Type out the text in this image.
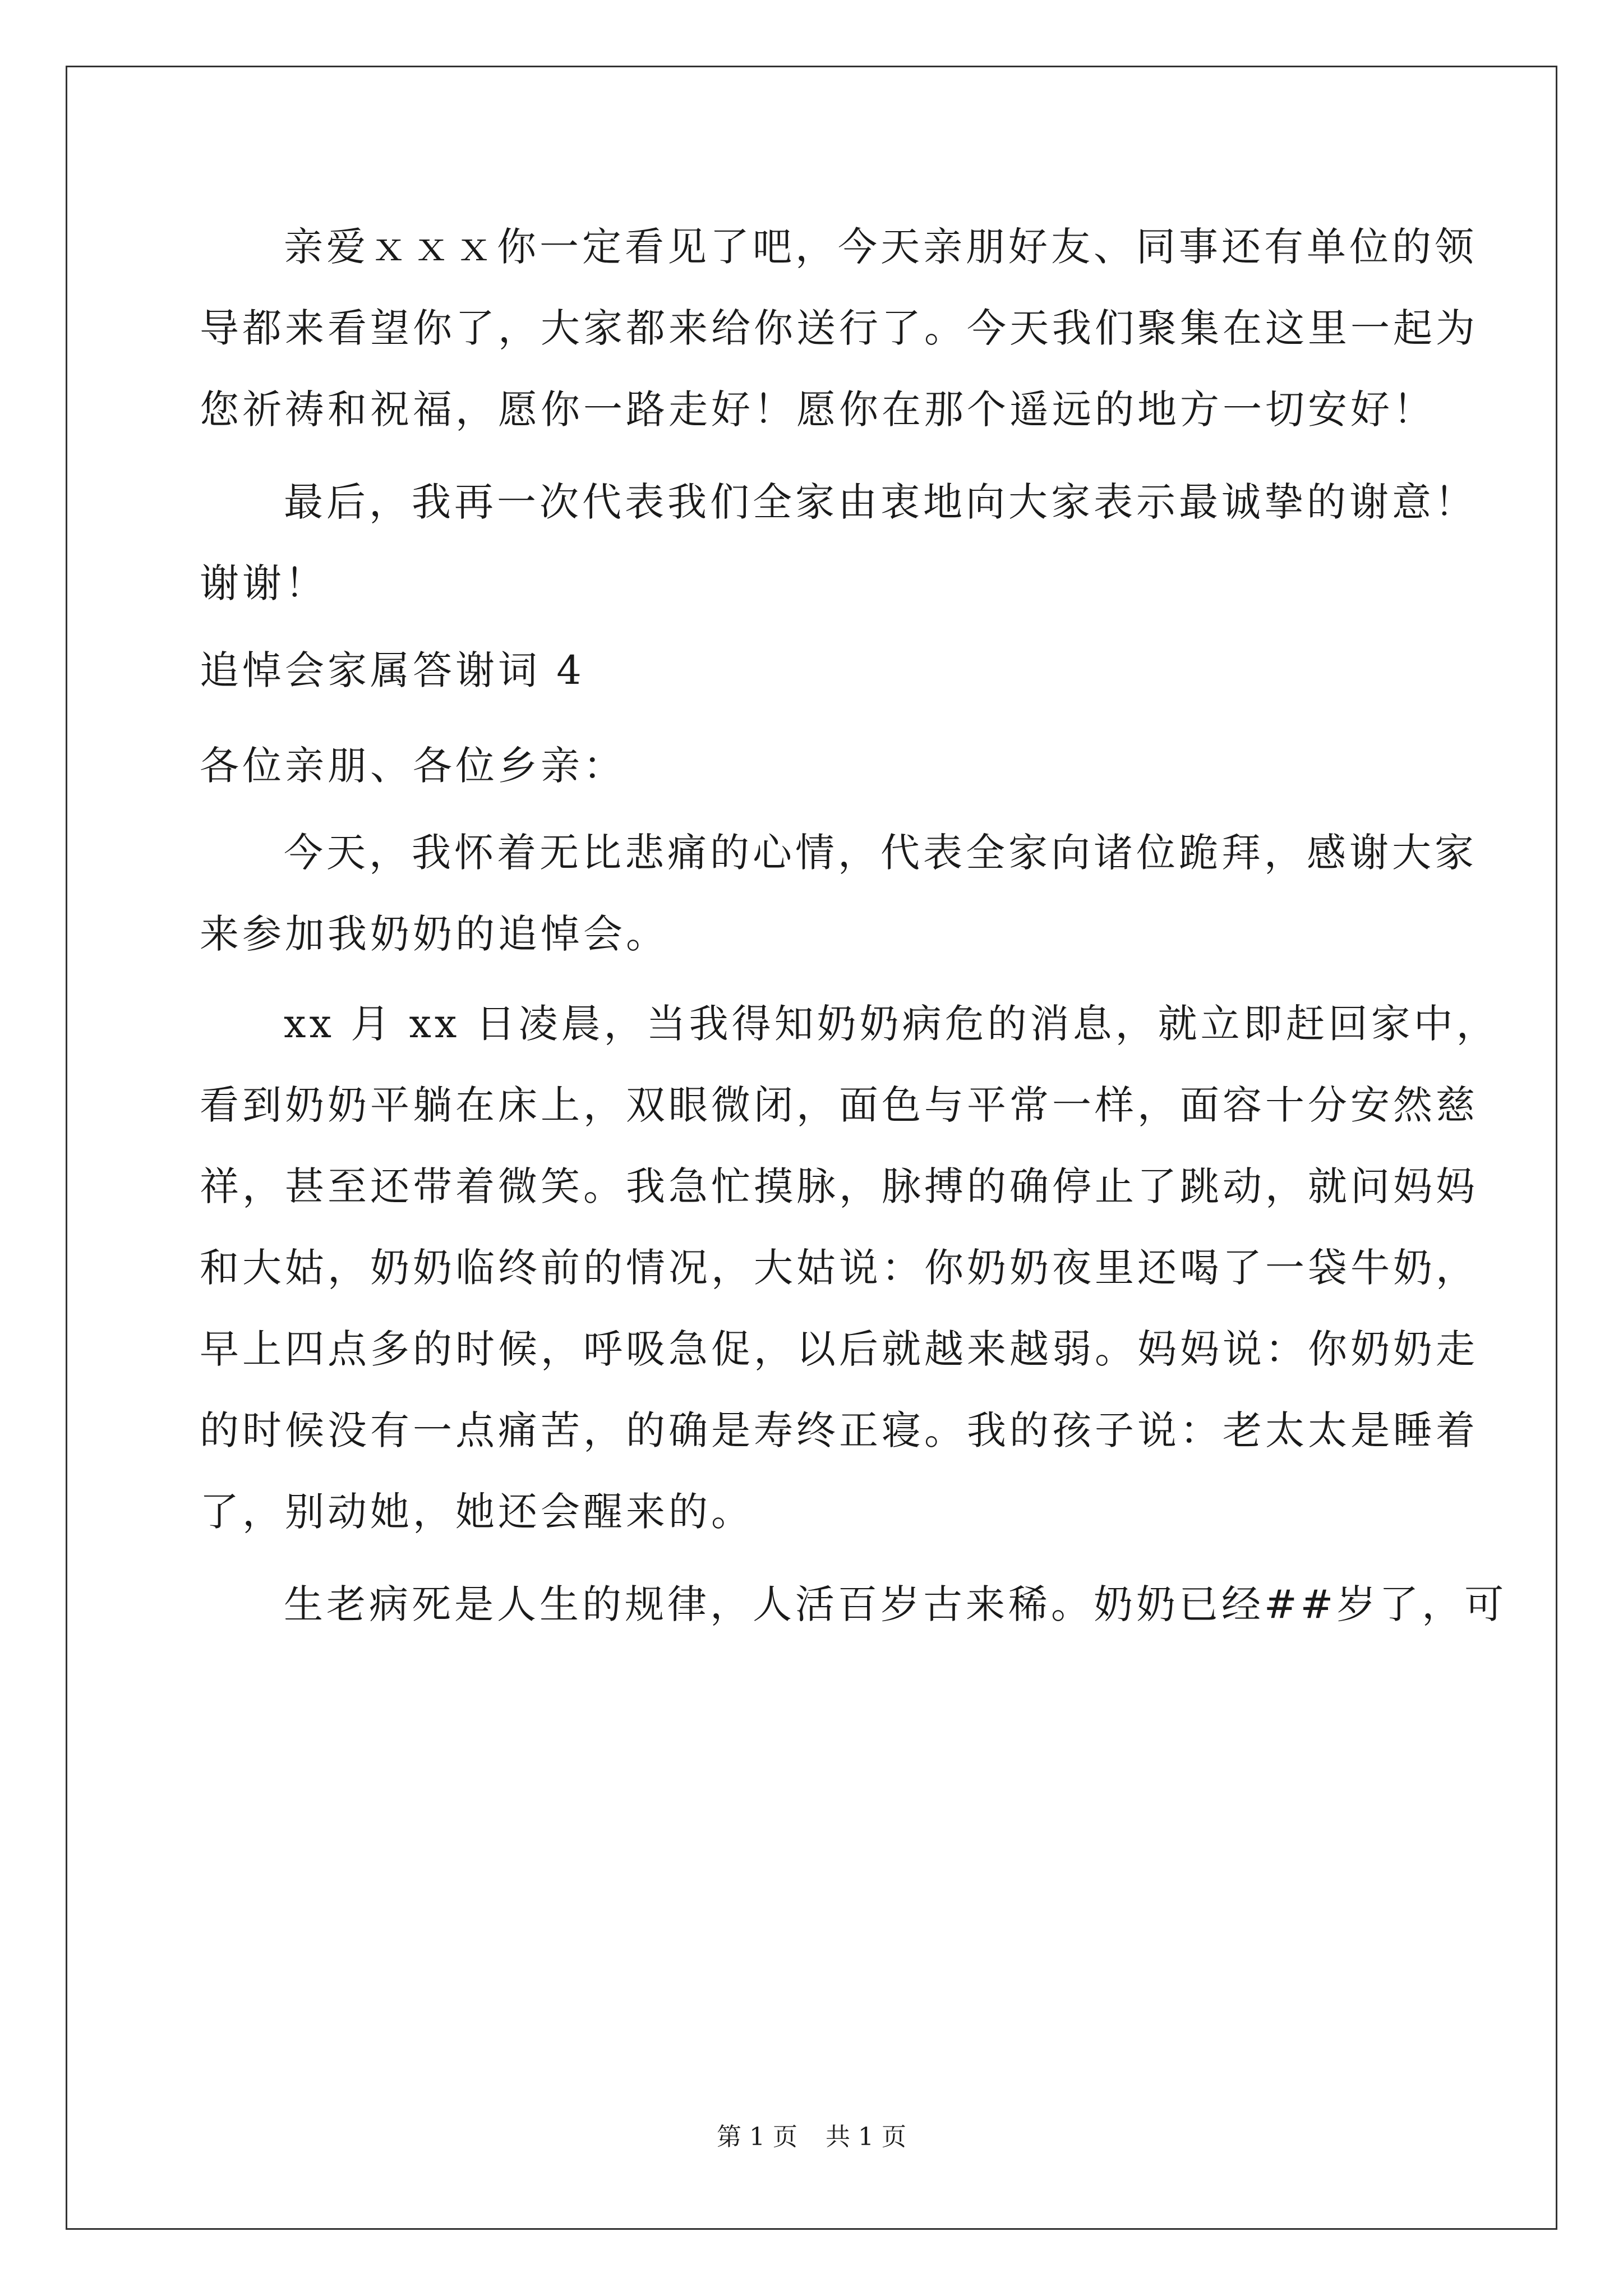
亲爱ｘｘｘ你一定看见了吧，今天亲朋好友、同事还有单位的领
导都来看望你了，大家都来给你送行了。今天我们聚集在这里一起为
您祈祷和祝福，愿你一路走好！愿你在那个遥远的地方一切安好！
最后，我再一次代表我们全家由衷地向大家表示最诚挚的谢意！
谢谢！
追悼会家属答谢词 4
各位亲朋、各位乡亲：
今天，我怀着无比悲痛的心情，代表全家向诸位跪拜，感谢大家
来参加我奶奶的追悼会。
xx 月 xx 日凌晨，当我得知奶奶病危的消息，就立即赶回家中，
看到奶奶平躺在床上，双眼微闭，面色与平常一样，面容十分安然慈
祥，甚至还带着微笑。我急忙摸脉，脉搏的确停止了跳动，就问妈妈
和大姑，奶奶临终前的情况，大姑说：你奶奶夜里还喝了一袋牛奶，
早上四点多的时候，呼吸急促，以后就越来越弱。妈妈说：你奶奶走
的时候没有一点痛苦，的确是寿终正寝。我的孩子说：老太太是睡着
了，别动她，她还会醒来的。
生老病死是人生的规律，人活百岁古来稀。奶奶已经##岁了，可
第 1 页 共 1 页
